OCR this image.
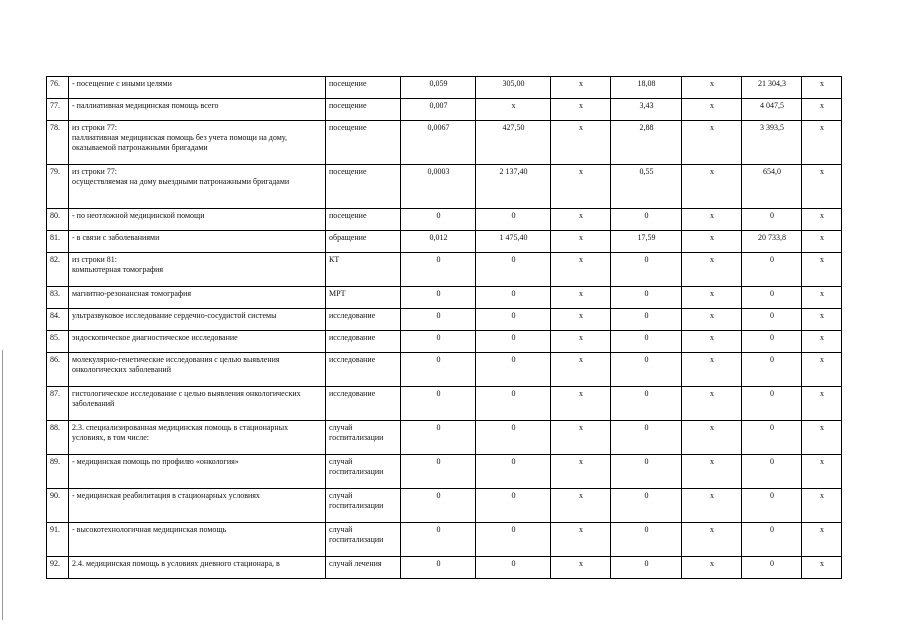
76.	- посещение с иными целями	посещение	0,059	305,00	х	18,08	х	21 304,3	х
77.	- паллиативная медицинская помощь всего	посещение	0,007	х	х	3,43	х	4 047,5	х
78.	из строки 77:
паллиативная медицинская помощь без учета помощи на дому, оказываемой патронажными бригадами	посещение	0,0067	427,50	х	2,88	х	3 393,5	х
79.	из строки 77:
осуществляемая на дому выездными патронажными бригадами	посещение	0,0003	2 137,40	х	0,55	х	654,0	х
80.	- по неотложной медицинской помощи	посещение	0	0	х	0	х	0	х
81.	- в связи с заболеваниями	обращение	0,012	1 475,40	х	17,59	х	20 733,8	х
82.	из строки 81:
компьютерная томография	КТ	0	0	х	0	х	0	х
83.	магнитно-резонансная томография	МРТ	0	0	х	0	х	0	х
84.	ультразвуковое исследование сердечно-сосудистой системы	исследование	0	0	х	0	х	0	х
85.	эндоскопическое диагностическое исследование	исследование	0	0	х	0	х	0	х
86.	молекулярно-генетические исследования с целью выявления онкологических заболеваний	исследование	0	0	х	0	х	0	х
87.	гистологическое исследование с целью выявления онкологических заболеваний	исследование	0	0	х	0	х	0	х
88.	2.3. специализированная медицинская помощь в стационарных условиях, в том числе:	случай госпитализации	0	0	х	0	х	0	х
89.	- медицинская помощь по профилю «онкология»	случай госпитализации	0	0	х	0	х	0	х
90.	- медицинская реабилитация в стационарных условиях	случай госпитализации	0	0	х	0	х	0	х
91.	- высокотехнологичная медицинская помощь	случай госпитализации	0	0	х	0	х	0	х
92.	2.4. медицинская помощь в условиях дневного стационара, в	случай лечения	0	0	х	0	х	0	х
